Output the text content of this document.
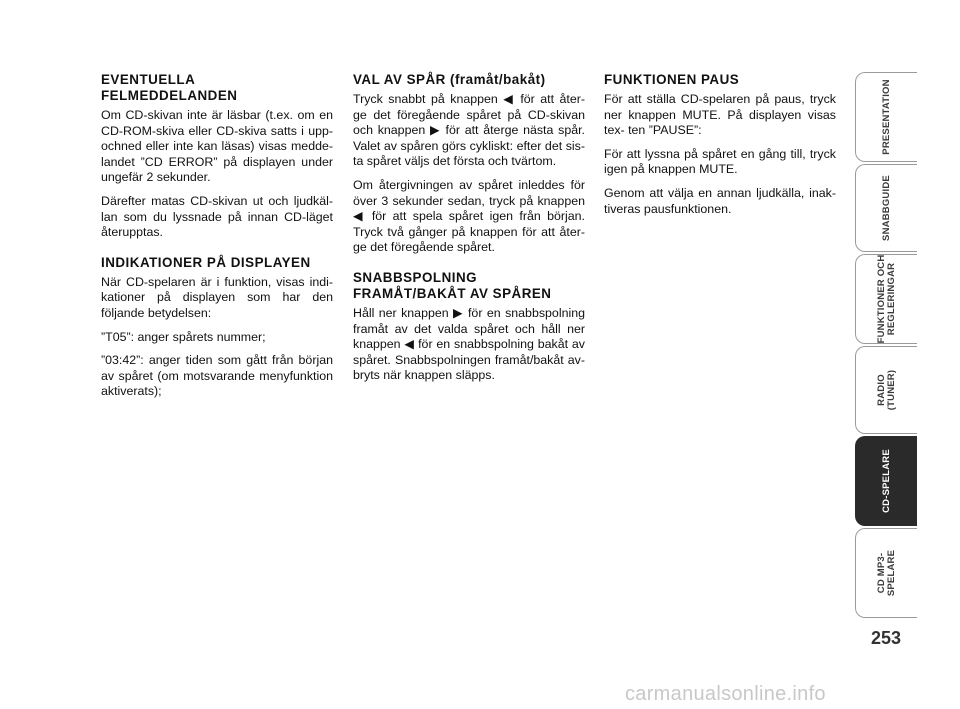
EVENTUELLA FELMEDDELANDEN

Om CD-skivan inte är läsbar (t.ex. om en CD-ROM-skiva eller CD-skiva satts i upp- ochned eller inte kan läsas) visas medde- landet ”CD ERROR” på displayen under ungefär 2 sekunder.

Därefter matas CD-skivan ut och ljudkäl- lan som du lyssnade på innan CD-läget återupptas.

INDIKATIONER PÅ DISPLAYEN

När CD-spelaren är i funktion, visas indi- kationer på displayen som har den följande betydelsen:

”T05”: anger spårets nummer;

”03:42”: anger tiden som gått från början av spåret (om motsvarande menyfunktion aktiverats);

VAL AV SPÅR (framåt/bakåt)

Tryck snabbt på knappen ◀ för att åter- ge det föregående spåret på CD-skivan och knappen ▶ för att återge nästa spår. Valet av spåren görs cykliskt: efter det sis- ta spåret väljs det första och tvärtom.

Om återgivningen av spåret inleddes för över 3 sekunder sedan, tryck på knappen ◀ för att spela spåret igen från början. Tryck två gånger på knappen för att åter- ge det föregående spåret.

SNABBSPOLNING FRAMÅT/BAKÅT AV SPÅREN

Håll ner knappen ▶ för en snabbspolning framåt av det valda spåret och håll ner knappen ◀ för en snabbspolning bakåt av spåret. Snabbspolningen framåt/bakåt av- bryts när knappen släpps.

FUNKTIONEN PAUS

För att ställa CD-spelaren på paus, tryck ner knappen MUTE. På displayen visas tex- ten ”PAUSE”:

För att lyssna på spåret en gång till, tryck igen på knappen MUTE.

Genom att välja en annan ljudkälla, inak- tiveras pausfunktionen.

PRESENTATION
SNABBGUIDE
FUNKTIONER OCH
REGLERINGAR
RADIO
(TUNER)
CD-SPELARE
CD MP3-
SPELARE
253
carmanualsonline.info
